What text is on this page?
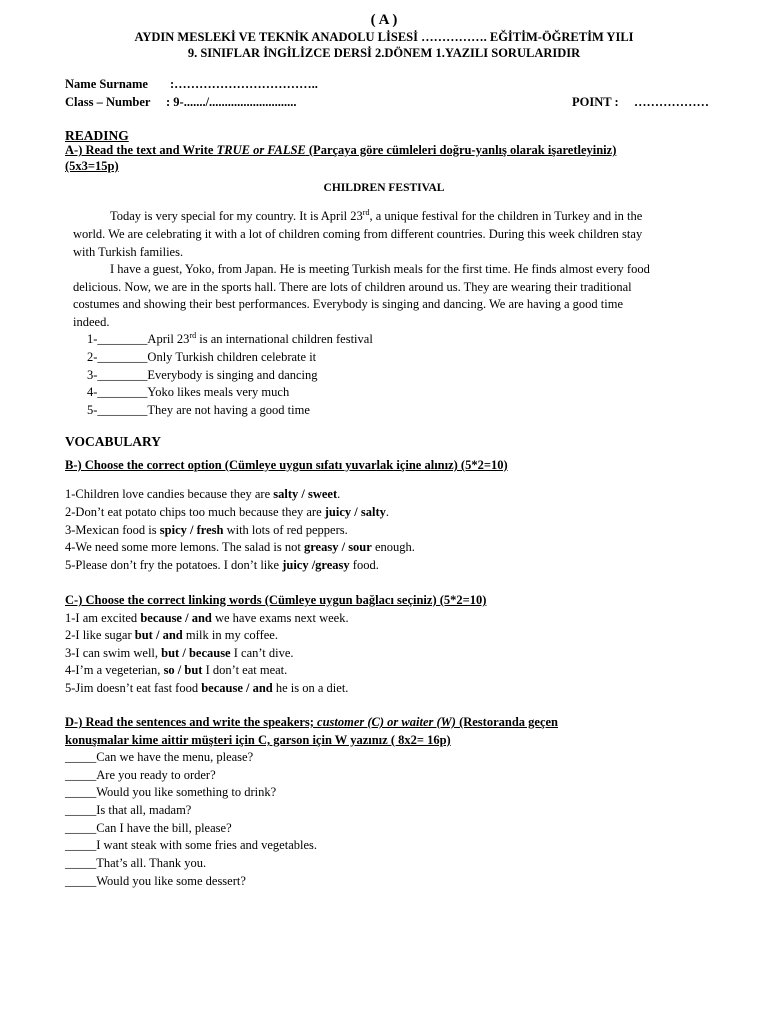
( A )
AYDIN MESLEKİ VE TEKNİK ANADOLU LİSESİ ……………. EĞİTİM-ÖĞRETİM YILI
9. SINIFLAR İNGİLİZCE DERSİ 2.DÖNEM 1.YAZILI SORULARIDIR
Name Surname :……………………………..
Class – Number : 9-......./............................	POINT : ………………
READING
A-) Read the text and Write TRUE or FALSE (Parçaya göre cümleleri doğru-yanlış olarak işaretleyiniz)
(5x3=15p)
CHILDREN FESTIVAL
Today is very special for my country. It is April 23rd, a unique festival for the children in Turkey and in the
world. We are celebrating it with a lot of children coming from different countries. During this week children stay
with Turkish families.
I have a guest, Yoko, from Japan. He is meeting Turkish meals for the first time. He finds almost every food
delicious. Now, we are in the sports hall. There are lots of children around us. They are wearing their traditional
costumes and showing their best performances. Everybody is singing and dancing. We are having a good time
indeed.
1-________April 23rd is an international children festival
2-________Only Turkish children celebrate it
3-________Everybody is singing and dancing
4-________Yoko likes meals very much
5-________They are not having a good time
VOCABULARY
B-) Choose the correct option (Cümleye uygun sıfatı yuvarlak içine alınız) (5*2=10)
1-Children love candies because they are salty / sweet.
2-Don’t eat potato chips too much because they are juicy / salty.
3-Mexican food is spicy / fresh with lots of red peppers.
4-We need some more lemons. The salad is not greasy / sour enough.
5-Please don’t fry the potatoes. I don’t like juicy /greasy food.
C-) Choose the correct linking words (Cümleye uygun bağlacı seçiniz) (5*2=10)
1-I am excited because / and we have exams next week.
2-I like sugar but / and milk in my coffee.
3-I can swim well, but / because I can’t dive.
4-I’m a vegeterian, so / but I don’t eat meat.
5-Jim doesn’t eat fast food because / and he is on a diet.
D-) Read the sentences and write the speakers; customer (C) or waiter (W) (Restoranda geçen
konuşmalar kime aittir müşteri için C, garson için W yazınız ( 8x2= 16p)
_____Can we have the menu, please?
_____Are you ready to order?
_____Would you like something to drink?
_____Is that all, madam?
_____Can I have the bill, please?
_____I want steak with some fries and vegetables.
_____That’s all. Thank you.
_____Would you like some dessert?
